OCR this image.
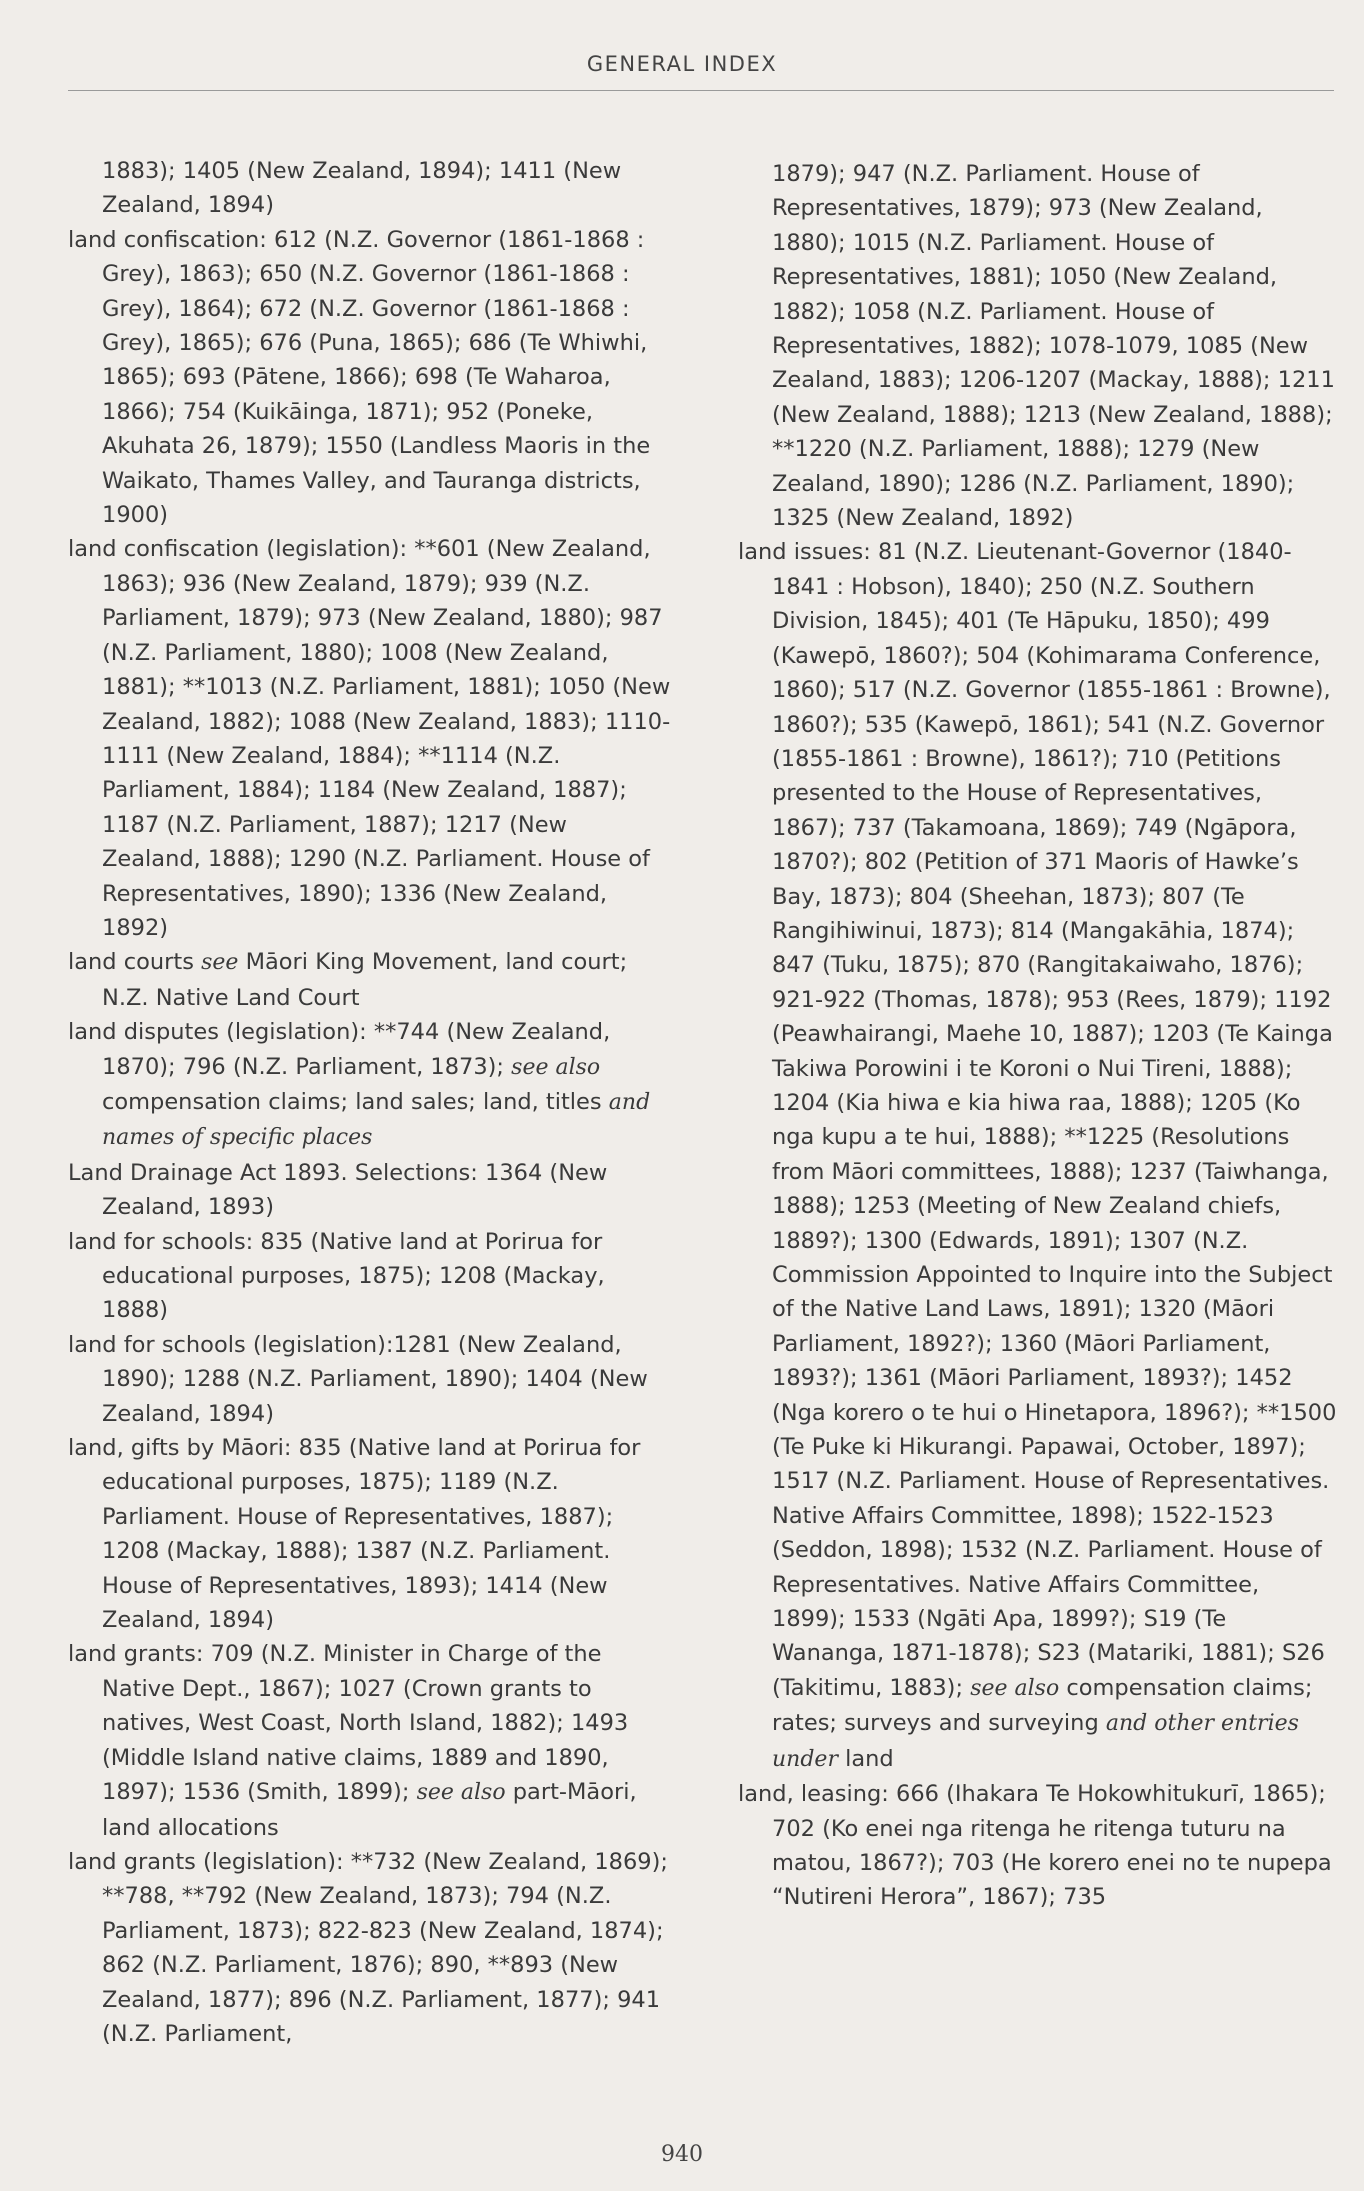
GENERAL INDEX

1883); 1405 (New Zealand, 1894); 1411 (New Zealand, 1894)

land confiscation: 612 (N.Z. Governor (1861-1868 : Grey), 1863); 650 (N.Z. Governor (1861-1868 : Grey), 1864); 672 (N.Z. Governor (1861-1868 : Grey), 1865); 676 (Puna, 1865); 686 (Te Whiwhi, 1865); 693 (Pātene, 1866); 698 (Te Waharoa, 1866); 754 (Kuikāinga, 1871); 952 (Poneke, Akuhata 26, 1879); 1550 (Landless Maoris in the Waikato, Thames Valley, and Tauranga districts, 1900)

land confiscation (legislation): **601 (New Zealand, 1863); 936 (New Zealand, 1879); 939 (N.Z. Parliament, 1879); 973 (New Zealand, 1880); 987 (N.Z. Parliament, 1880); 1008 (New Zealand, 1881); **1013 (N.Z. Parliament, 1881); 1050 (New Zealand, 1882); 1088 (New Zealand, 1883); 1110-1111 (New Zealand, 1884); **1114 (N.Z. Parliament, 1884); 1184 (New Zealand, 1887); 1187 (N.Z. Parliament, 1887); 1217 (New Zealand, 1888); 1290 (N.Z. Parliament. House of Representatives, 1890); 1336 (New Zealand, 1892)

land courts see Māori King Movement, land court; N.Z. Native Land Court

land disputes (legislation): **744 (New Zealand, 1870); 796 (N.Z. Parliament, 1873); see also compensation claims; land sales; land, titles and names of specific places

Land Drainage Act 1893. Selections: 1364 (New Zealand, 1893)

land for schools: 835 (Native land at Porirua for educational purposes, 1875); 1208 (Mackay, 1888)

land for schools (legislation):1281 (New Zealand, 1890); 1288 (N.Z. Parliament, 1890); 1404 (New Zealand, 1894)

land, gifts by Māori: 835 (Native land at Porirua for educational purposes, 1875); 1189 (N.Z. Parliament. House of Representatives, 1887); 1208 (Mackay, 1888); 1387 (N.Z. Parliament. House of Representatives, 1893); 1414 (New Zealand, 1894)

land grants: 709 (N.Z. Minister in Charge of the Native Dept., 1867); 1027 (Crown grants to natives, West Coast, North Island, 1882); 1493 (Middle Island native claims, 1889 and 1890, 1897); 1536 (Smith, 1899); see also part-Māori, land allocations

land grants (legislation): **732 (New Zealand, 1869); **788, **792 (New Zealand, 1873); 794 (N.Z. Parliament, 1873); 822-823 (New Zealand, 1874); 862 (N.Z. Parliament, 1876); 890, **893 (New Zealand, 1877); 896 (N.Z. Parliament, 1877); 941 (N.Z. Parliament,

1879); 947 (N.Z. Parliament. House of Representatives, 1879); 973 (New Zealand, 1880); 1015 (N.Z. Parliament. House of Representatives, 1881); 1050 (New Zealand, 1882); 1058 (N.Z. Parliament. House of Representatives, 1882); 1078-1079, 1085 (New Zealand, 1883); 1206-1207 (Mackay, 1888); 1211 (New Zealand, 1888); 1213 (New Zealand, 1888); **1220 (N.Z. Parliament, 1888); 1279 (New Zealand, 1890); 1286 (N.Z. Parliament, 1890); 1325 (New Zealand, 1892)

land issues: 81 (N.Z. Lieutenant-Governor (1840-1841 : Hobson), 1840); 250 (N.Z. Southern Division, 1845); 401 (Te Hāpuku, 1850); 499 (Kawepō, 1860?); 504 (Kohimarama Conference, 1860); 517 (N.Z. Governor (1855-1861 : Browne), 1860?); 535 (Kawepō, 1861); 541 (N.Z. Governor (1855-1861 : Browne), 1861?); 710 (Petitions presented to the House of Representatives, 1867); 737 (Takamoana, 1869); 749 (Ngāpora, 1870?); 802 (Petition of 371 Maoris of Hawke’s Bay, 1873); 804 (Sheehan, 1873); 807 (Te Rangihiwinui, 1873); 814 (Mangakāhia, 1874); 847 (Tuku, 1875); 870 (Rangitakaiwaho, 1876); 921-922 (Thomas, 1878); 953 (Rees, 1879); 1192 (Peawhairangi, Maehe 10, 1887); 1203 (Te Kainga Takiwa Porowini i te Koroni o Nui Tireni, 1888); 1204 (Kia hiwa e kia hiwa raa, 1888); 1205 (Ko nga kupu a te hui, 1888); **1225 (Resolutions from Māori committees, 1888); 1237 (Taiwhanga, 1888); 1253 (Meeting of New Zealand chiefs, 1889?); 1300 (Edwards, 1891); 1307 (N.Z. Commission Appointed to Inquire into the Subject of the Native Land Laws, 1891); 1320 (Māori Parliament, 1892?); 1360 (Māori Parliament, 1893?); 1361 (Māori Parliament, 1893?); 1452 (Nga korero o te hui o Hinetapora, 1896?); **1500 (Te Puke ki Hikurangi. Papawai, October, 1897); 1517 (N.Z. Parliament. House of Representatives. Native Affairs Committee, 1898); 1522-1523 (Seddon, 1898); 1532 (N.Z. Parliament. House of Representatives. Native Affairs Committee, 1899); 1533 (Ngāti Apa, 1899?); S19 (Te Wananga, 1871-1878); S23 (Matariki, 1881); S26 (Takitimu, 1883); see also compensation claims; rates; surveys and surveying and other entries under land

land, leasing: 666 (Ihakara Te Hokowhitukurī, 1865); 702 (Ko enei nga ritenga he ritenga tuturu na matou, 1867?); 703 (He korero enei no te nupepa “Nutireni Herora”, 1867); 735

940
